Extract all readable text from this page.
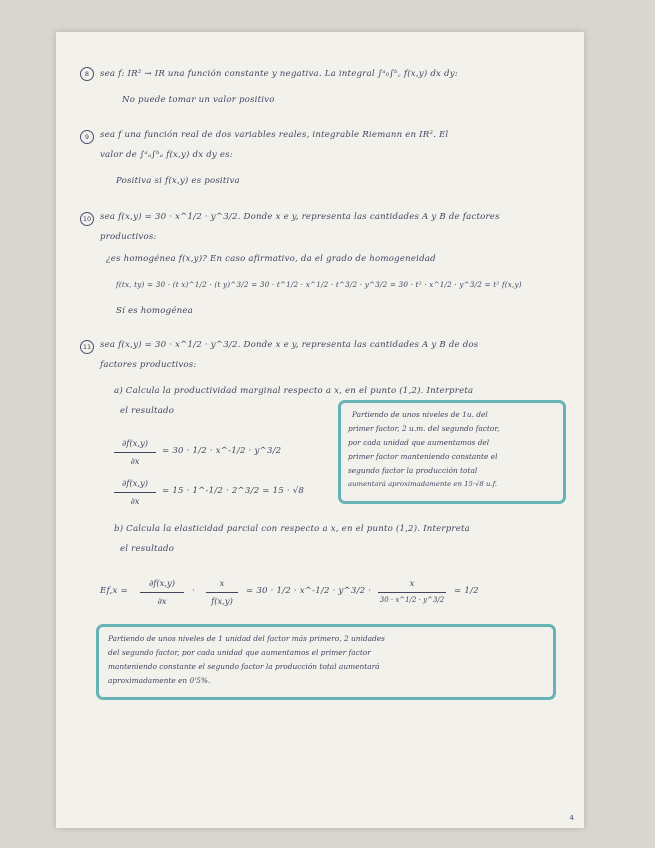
8	sea f: IR² → IR una función constante y negativa. La integral ∫ᵃ₀∫ᵇ꜀ f(x,y) dx dy:
No puede tomar un valor positivo
9	sea f una función real de dos variables reales, integrable Riemann en IR². El
valor de ∫ᵃₐ∫ᵇₐ f(x,y) dx dy es:
Positiva si f(x,y) es positiva
10	sea f(x,y) = 30 · x^1/2 · y^3/2. Donde x e y, representa las cantidades A y B de factores
productivos:
¿es homogénea f(x,y)? En caso afirmativo, da el grado de homogeneidad
f(tx, ty) = 30 · (t x)^1/2 · (t y)^3/2 = 30 · t^1/2 · x^1/2 · t^3/2 · y^3/2 = 30 · t² · x^1/2 · y^3/2 = t² f(x,y)
Sí es homogénea
11	sea f(x,y) = 30 · x^1/2 · y^3/2. Donde x e y, representa las cantidades A y B de dos
factores productivos:
a) Calcula la productividad marginal respecto a x, en el punto (1,2). Interpreta
el resultado
∂f(x,y)
∂x
= 30 · 1/2 · x^-1/2 · y^3/2
∂f(x,y)
∂x
= 15 · 1^-1/2 · 2^3/2 = 15 · √8
Partiendo de unos niveles de 1u. del
primer factor, 2 u.m. del segundo factor,
por cada unidad que aumentamos del
primer factor manteniendo constante el
segundo factor la producción total
aumentará aproximadamente en 15·√8 u.f.
b) Calcula la elasticidad parcial con respecto a x, en el punto (1,2). Interpreta
el resultado
Ef,x =
∂f(x,y)
∂x
·
x
f(x,y)
= 30 · 1/2 · x^-1/2 · y^3/2 ·
x
30 · x^1/2 · y^3/2
= 1/2
Partiendo de unos niveles de 1 unidad del factor más primero, 2 unidades
del segundo factor, por cada unidad que aumentamos el primer factor
manteniendo constante el segundo factor la producción total aumentará
aproximadamente en 0'5%.
4
